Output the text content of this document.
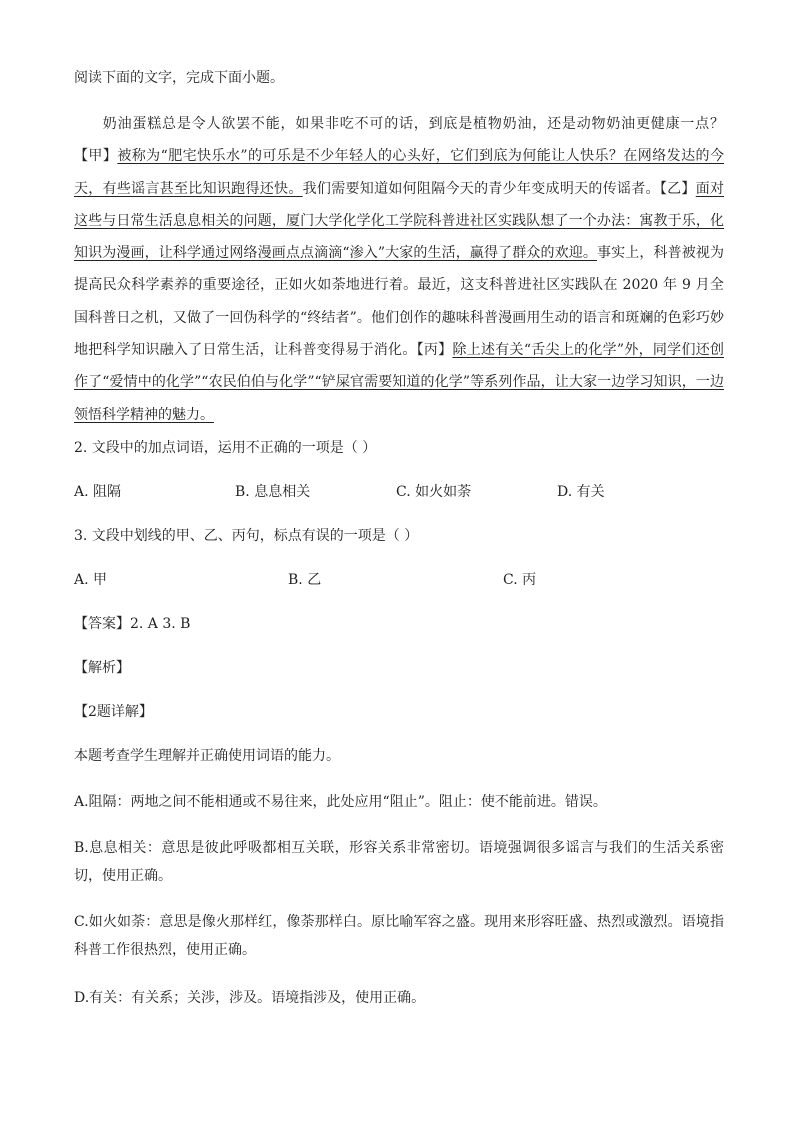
阅读下面的文字，完成下面小题。
奶油蛋糕总是令人欲罢不能，如果非吃不可的话，到底是植物奶油，还是动物奶油更健康一点？【甲】被称为“肥宅快乐水”的可乐是不少年轻人的心头好，它们到底为何能让人快乐？在网络发达的今天，有些谣言甚至比知识跑得还快。我们需要知道如何阻隔今天的青少年变成明天的传谣者。【乙】面对这些与日常生活息息相关的问题，厦门大学化学化工学院科普进社区实践队想了一个办法：寓教于乐，化知识为漫画，让科学通过网络漫画点点滴滴“渗入”大家的生活，赢得了群众的欢迎。事实上，科普被视为提高民众科学素养的重要途径，正如火如荼地进行着。最近，这支科普进社区实践队在 2020 年 9 月全国科普日之机，又做了一回伪科学的“终结者”。他们创作的趣味科普漫画用生动的语言和斑斓的色彩巧妙地把科学知识融入了日常生活，让科普变得易于消化。【丙】除上述有关“舌尖上的化学”外，同学们还创作了“爱情中的化学”“农民伯伯与化学”“铲屎官需要知道的化学”等系列作品，让大家一边学习知识，一边领悟科学精神的魅力。
2. 文段中的加点词语，运用不正确的一项是（ ）
A. 阻隔	B. 息息相关	C. 如火如荼	D. 有关
3. 文段中划线的甲、乙、丙句，标点有误的一项是（ ）
A. 甲	B. 乙	C. 丙
【答案】2. A 3. B
【解析】
【2题详解】
本题考查学生理解并正确使用词语的能力。
A.阻隔：两地之间不能相通或不易往来，此处应用“阻止”。阻止：使不能前进。错误。
B.息息相关：意思是彼此呼吸都相互关联，形容关系非常密切。语境强调很多谣言与我们的生活关系密切，使用正确。
C.如火如荼：意思是像火那样红，像荼那样白。原比喻军容之盛。现用来形容旺盛、热烈或激烈。语境指科普工作很热烈，使用正确。
D.有关：有关系；关涉，涉及。语境指涉及，使用正确。
